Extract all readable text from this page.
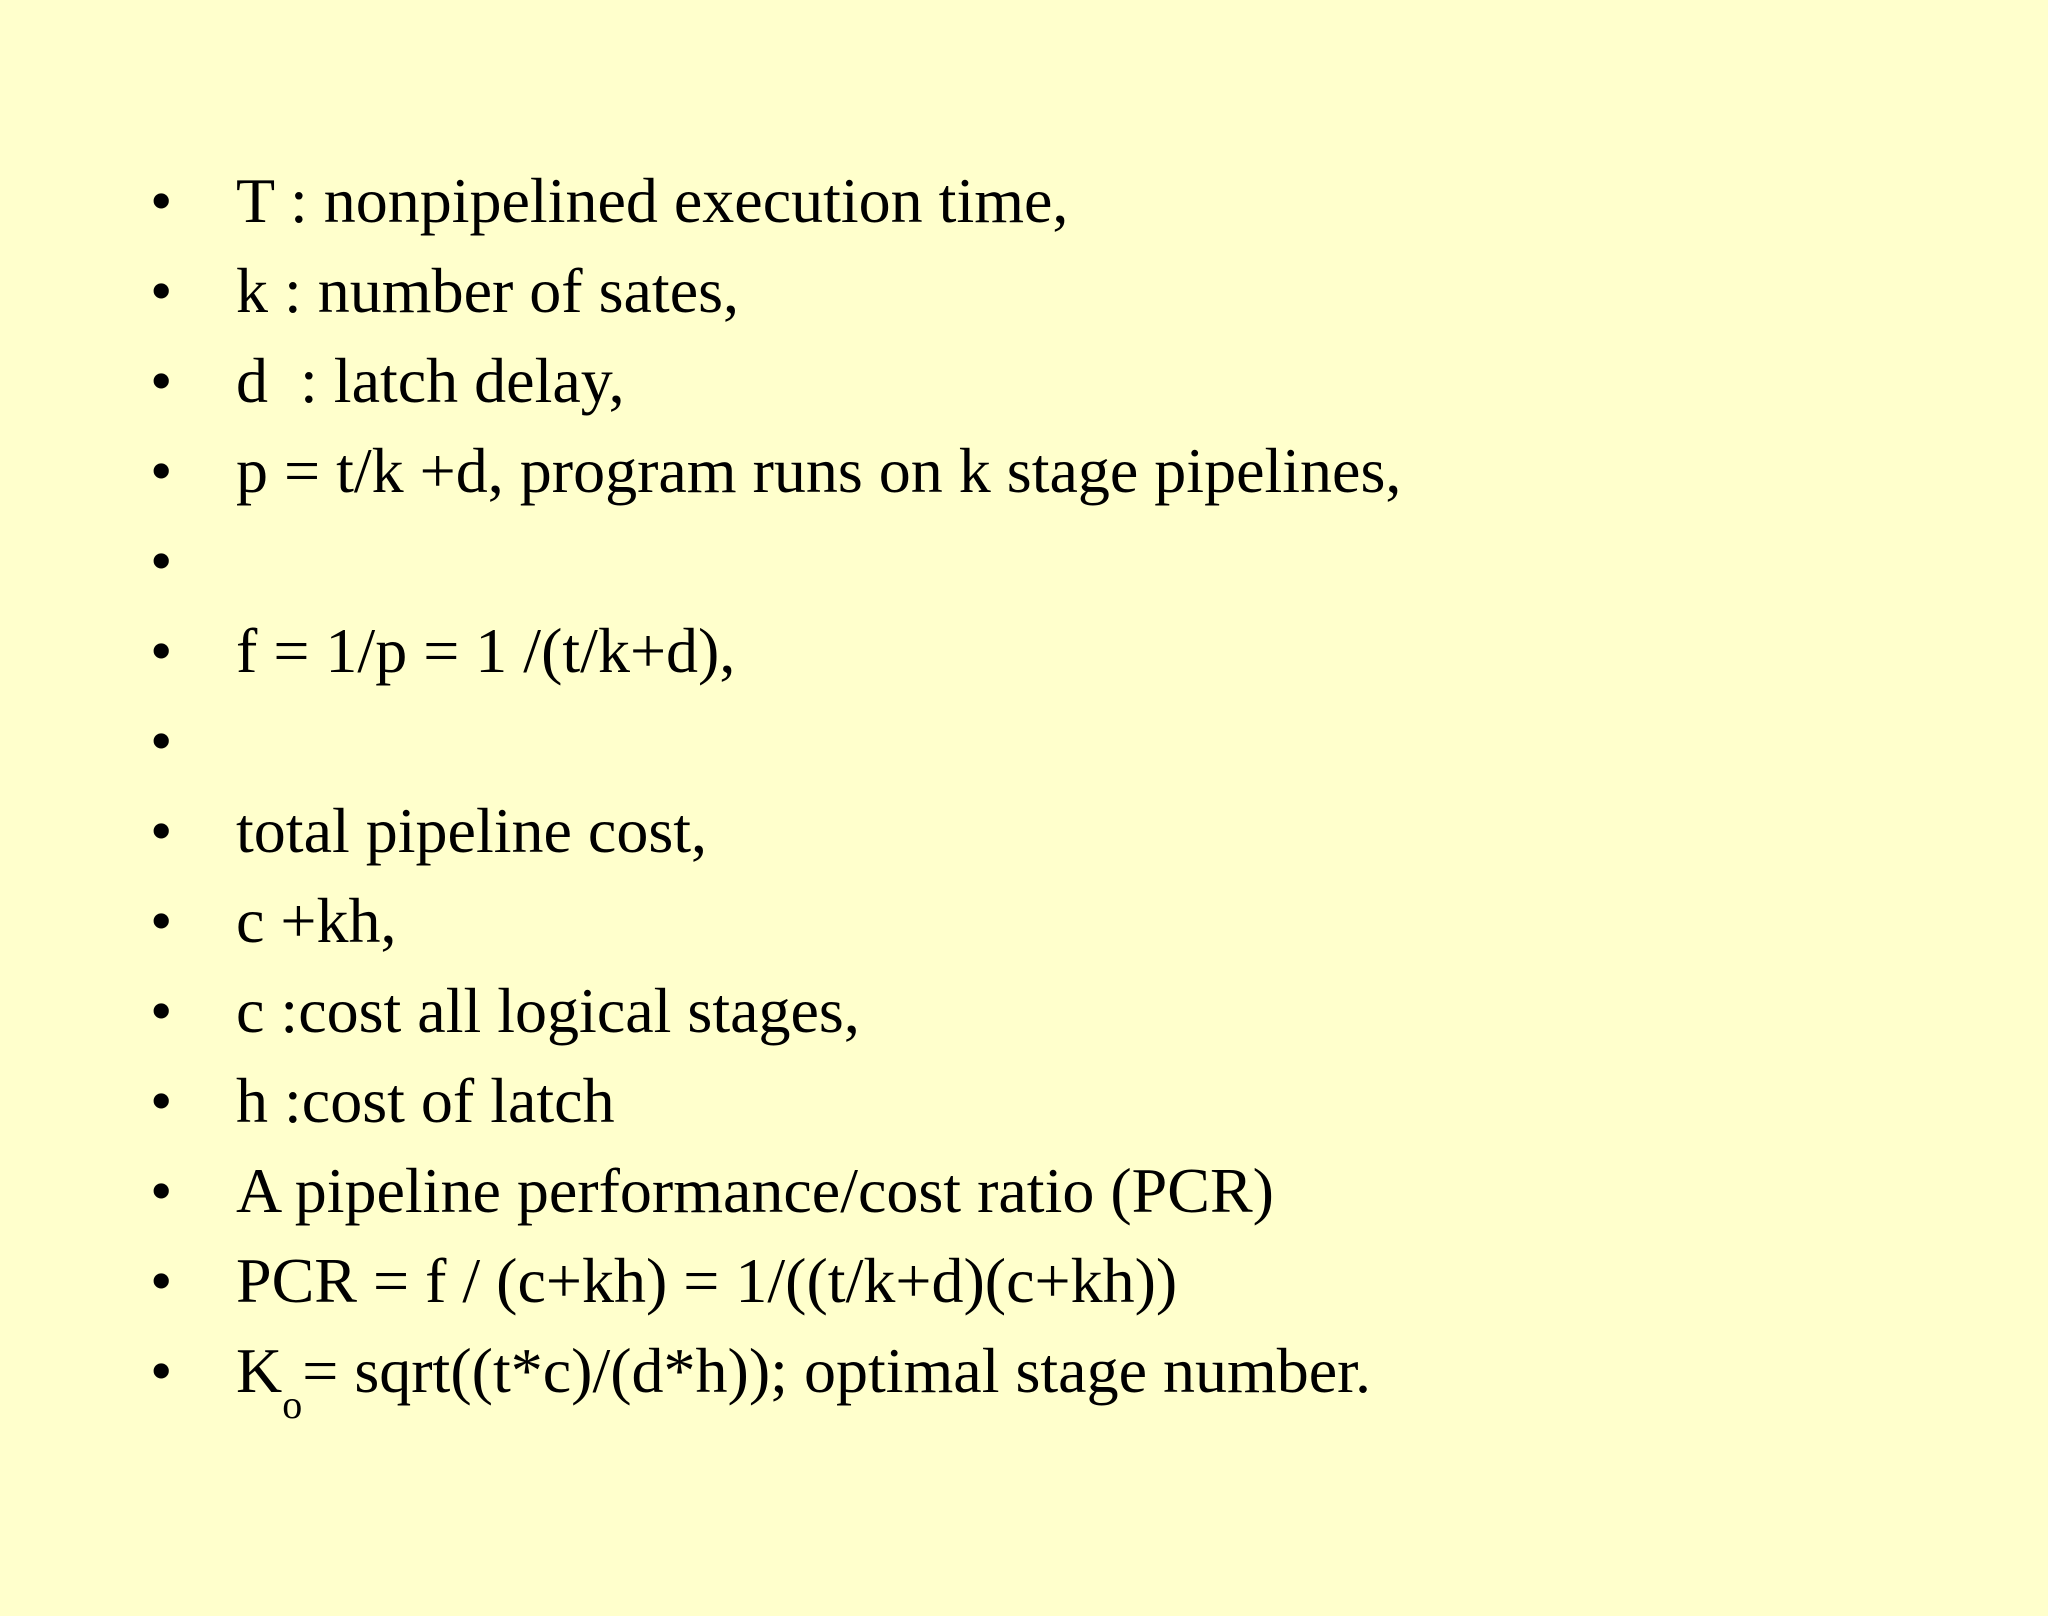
•

T : nonpipelined execution time,

•

k : number of sates,

•

d  : latch delay,

•

p = t/k +d, program runs on k stage pipelines,

•

•

f = 1/p = 1 /(t/k+d),

•

•

total pipeline cost,

•

c +kh,

•

c :cost all logical stages,

•

h :cost of latch

•

A pipeline performance/cost ratio (PCR)

•

PCR = f / (c+kh) = 1/((t/k+d)(c+kh))

•

$K_o=$ sqrt((t*c)/(d*h)); optimal stage number.
